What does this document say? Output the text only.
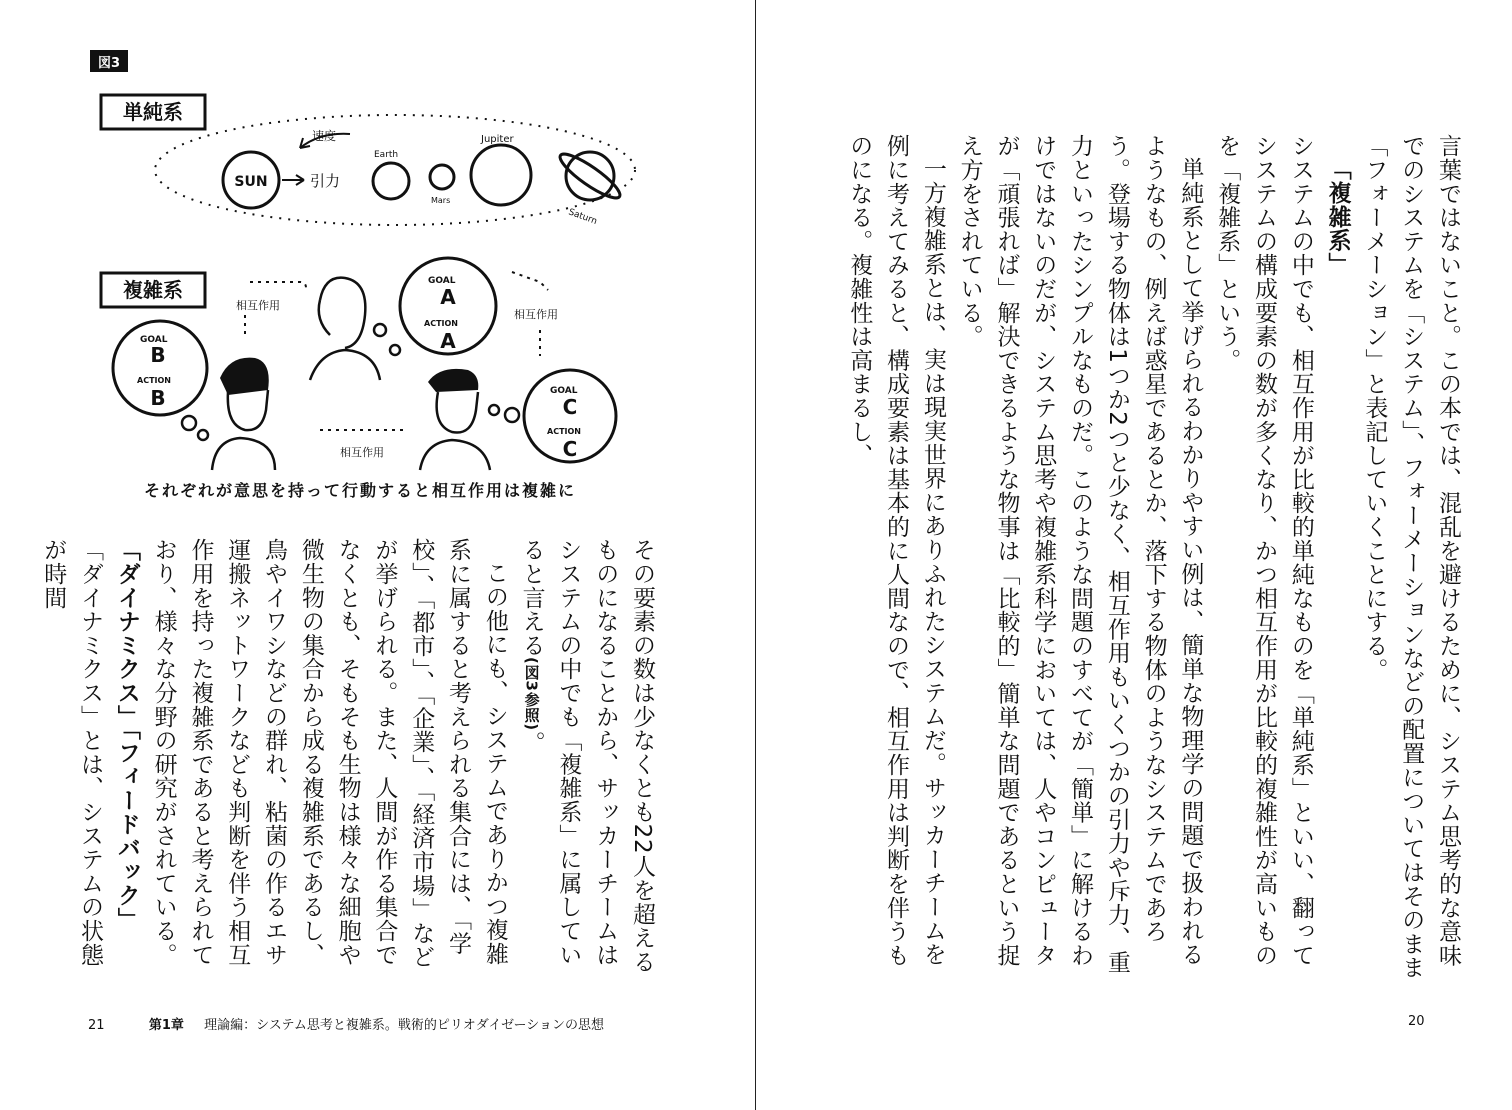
図3
単純系
速度
SUN	引力
Earth
Mars
Jupiter
Saturn
複雑系
GOAL
B
ACTION
B
GOAL
A
ACTION
A
GOAL
C
ACTION
C
相互作用
相互作用
相互作用
それぞれが意思を持って行動すると相互作用は複雑に

その要素の数は少なくとも22人を超えるものになることから、サッカーチームはシステムの中でも「複雑系」に属していると言える(図3参照)。

この他にも、システムでありかつ複雑系に属すると考えられる集合には、「学校」、「都市」、「企業」、「経済市場」などが挙げられる。また、人間が作る集合でなくとも、そもそも生物は様々な細胞や微生物の集合から成る複雑系であるし、鳥やイワシなどの群れ、粘菌の作るエサ運搬ネットワークなども判断を伴う相互作用を持った複雑系であると考えられており、様々な分野の研究がされている。

「ダイナミクス」「フィードバック」

「ダイナミクス」とは、システムの状態が時間

21	第1章 理論編：システム思考と複雑系。戦術的ピリオダイゼーションの思想

言葉ではないこと。この本では、混乱を避けるために、システム思考的な意味でのシステムを「システム」、フォーメーションなどの配置についてはそのまま「フォーメーション」と表記していくことにする。

「複雑系」

システムの中でも、相互作用が比較的単純なものを「単純系」といい、翻ってシステムの構成要素の数が多くなり、かつ相互作用が比較的複雑性が高いものを「複雑系」という。

単純系として挙げられるわかりやすい例は、簡単な物理学の問題で扱われるようなもの、例えば惑星であるとか、落下する物体のようなシステムであろう。登場する物体は1つか2つと少なく、相互作用もいくつかの引力や斥力、重力といったシンプルなものだ。このような問題のすべてが「簡単」に解けるわけではないのだが、システム思考や複雑系科学においては、人やコンピュータが「頑張れば」解決できるような物事は「比較的」簡単な問題であるという捉え方をされている。

一方複雑系とは、実は現実世界にありふれたシステムだ。サッカーチームを例に考えてみると、構成要素は基本的に人間なので、相互作用は判断を伴うものになる。複雑性は高まるし、

20
